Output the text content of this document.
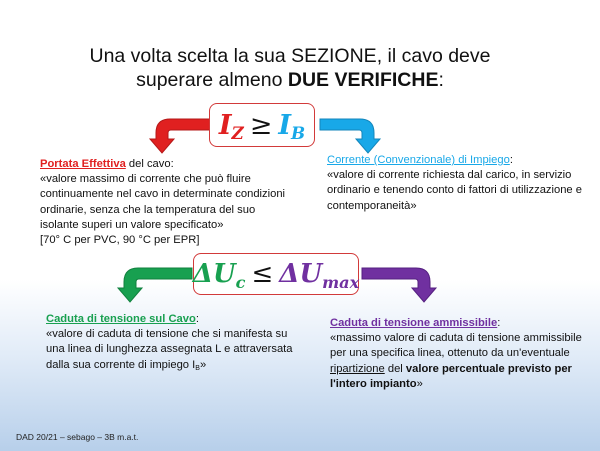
Una volta scelta la sua SEZIONE, il cavo deve
superare almeno DUE VERIFICHE:
$I_Z \ge I_B$

Portata Effettiva del cavo:

«valore massimo di corrente che può fluire continuamente nel cavo in determinate condizioni ordinarie, senza che la temperatura del suo isolante superi un valore specificato»

[70° C per PVC, 90 °C per EPR]

Corrente (Convenzionale) di Impiego:

«valore di corrente richiesta dal carico, in servizio ordinario e tenendo conto di fattori di utilizzazione e contemporaneità»

$\Delta U_c \le \Delta U_{max}$

Caduta di tensione sul Cavo:

«valore di caduta di tensione che si manifesta su una linea di lunghezza assegnata L e attraversata dalla sua corrente di impiego IB»

Caduta di tensione ammissibile:

«massimo valore di caduta di tensione ammissibile per una specifica linea, ottenuto da un'eventuale ripartizione del valore percentuale previsto per l'intero impianto»

DAD 20/21 – sebago – 3B m.a.t.
